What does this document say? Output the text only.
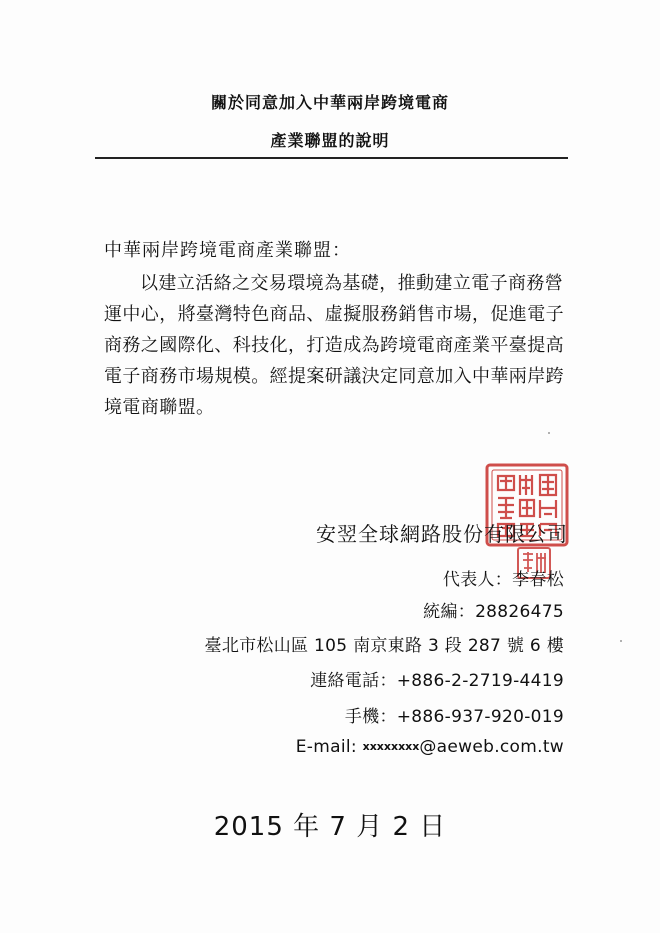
關於同意加入中華兩岸跨境電商
產業聯盟的說明
中華兩岸跨境電商產業聯盟：
以建立活絡之交易環境為基礎，推動建立電子商務營運中心，將臺灣特色商品、虛擬服務銷售市場，促進電子商務之國際化、科技化，打造成為跨境電商產業平臺提高電子商務市場規模。經提案研議決定同意加入中華兩岸跨境電商聯盟。
安翌全球網路股份有限公司
代表人：李春松
統編：28826475
臺北市松山區 105 南京東路 3 段 287 號 6 樓
連絡電話：+886-2-2719-4419
手機：+886-937-920-019
E-mail: xxxxxxxx@aeweb.com.tw
2015 年 7 月 2 日
